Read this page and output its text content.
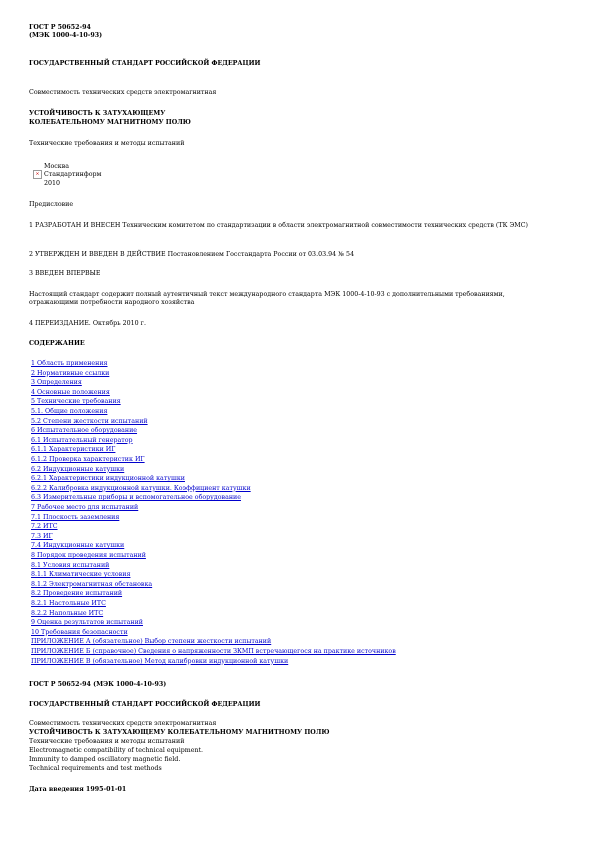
ГОСТ Р 50652-94
(МЭК 1000-4-10-93)
ГОСУДАРСТВЕННЫЙ СТАНДАРТ РОССИЙСКОЙ ФЕДЕРАЦИИ
Совместимость технических средств электромагнитная
УСТОЙЧИВОСТЬ К ЗАТУХАЮЩЕМУ
КОЛЕБАТЕЛЬНОМУ МАГНИТНОМУ ПОЛЮ
Технические требования и методы испытаний
×
Москва
Стандартинформ
2010
Предисловие
1 РАЗРАБОТАН И ВНЕСЕН Техническим комитетом по стандартизации в области электромагнитной совместимости технических средств (ТК ЭМС)
2 УТВЕРЖДЕН И ВВЕДЕН В ДЕЙСТВИЕ Постановлением Госстандарта России от 03.03.94 № 54
3 ВВЕДЕН ВПЕРВЫЕ
Настоящий стандарт содержит полный аутентичный текст международного стандарта МЭК 1000-4-10-93 с дополнительными требованиями, отражающими потребности народного хозяйства
4 ПЕРЕИЗДАНИЕ. Октябрь 2010 г.
СОДЕРЖАНИЕ
1 Область применения
2 Нормативные ссылки
3 Определения
4 Основные положения
5 Технические требования
5.1. Общие положения
5.2 Степени жесткости испытаний
6 Испытательное оборудование
6.1 Испытательный генератор
6.1.1 Характеристики ИГ
6.1.2 Проверка характеристик ИГ
6.2 Индукционные катушки
6.2.1 Характеристики индукционной катушки
6.2.2 Калибровка индукционной катушки. Коэффициент катушки
6.3 Измерительные приборы и вспомогательное оборудование
7 Рабочее место для испытаний
7.1 Плоскость заземления
7.2 ИТС
7.3 ИГ
7.4 Индукционные катушки
8 Порядок проведения испытаний
8.1 Условия испытаний
8.1.1 Климатические условия
8.1.2 Электромагнитная обстановка
8.2 Проведение испытаний
8.2.1 Настольные ИТС
8.2.2 Напольные ИТС
9 Оценка результатов испытаний
10 Требования безопасности
ПРИЛОЖЕНИЕ А (обязательное) Выбор степени жесткости испытаний
ПРИЛОЖЕНИЕ Б (справочное) Сведения о напряженности ЗКМП встречающегося на практике источников
ПРИЛОЖЕНИЕ В (обязательное) Метод калибровки индукционной катушки
ГОСТ Р 50652-94 (МЭК 1000-4-10-93)
ГОСУДАРСТВЕННЫЙ СТАНДАРТ РОССИЙСКОЙ ФЕДЕРАЦИИ
Совместимость технических средств электромагнитная
УСТОЙЧИВОСТЬ К ЗАТУХАЮЩЕМУ КОЛЕБАТЕЛЬНОМУ МАГНИТНОМУ ПОЛЮ
Технические требования и методы испытаний
Electromagnetic compatibility of technical equipment.
Immunity to damped oscillatory magnetic field.
Technical requirements and test methods
Дата введения 1995-01-01
